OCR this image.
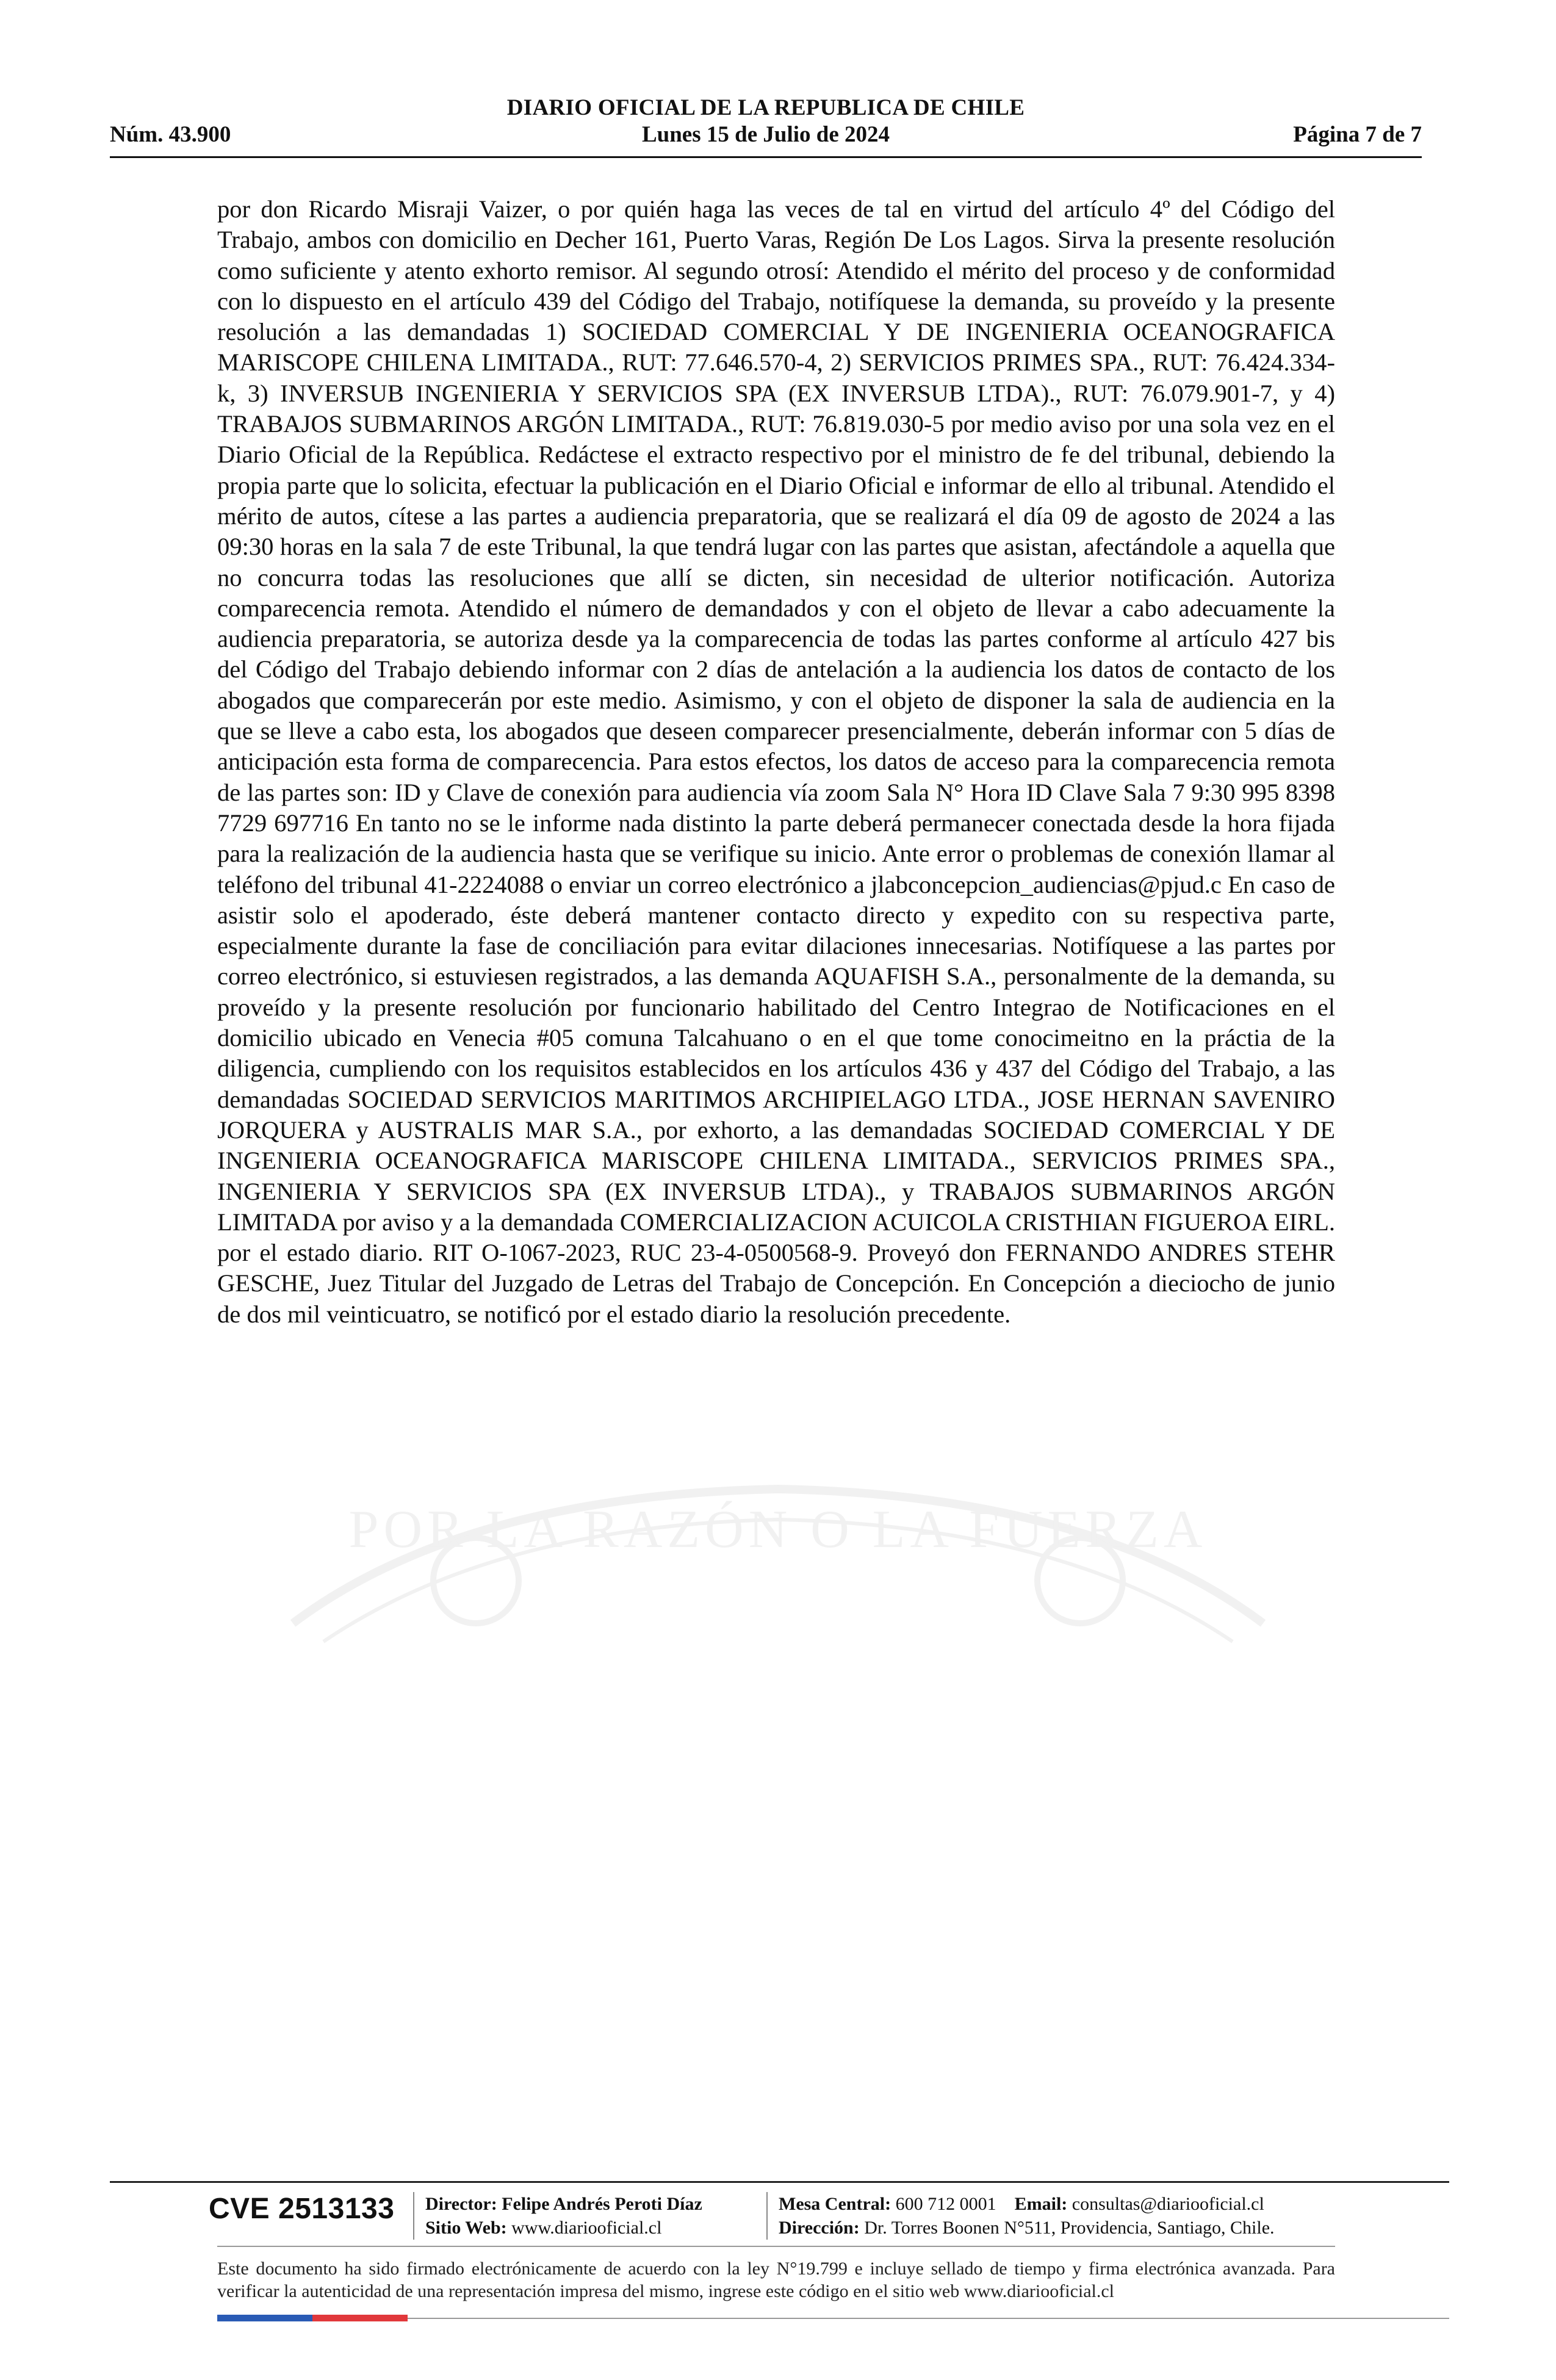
DIARIO OFICIAL DE LA REPUBLICA DE CHILE
Núm. 43.900	Lunes 15 de Julio de 2024	Página 7 de 7
POR LA RAZÓN O LA FUERZA
por don Ricardo Misraji Vaizer, o por quién haga las veces de tal en virtud del artículo 4º del Código del Trabajo, ambos con domicilio en Decher 161, Puerto Varas, Región De Los Lagos. Sirva la presente resolución como suficiente y atento exhorto remisor. Al segundo otrosí: Atendido el mérito del proceso y de conformidad con lo dispuesto en el artículo 439 del Código del Trabajo, notifíquese la demanda, su proveído y la presente resolución a las demandadas 1) SOCIEDAD COMERCIAL Y DE INGENIERIA OCEANOGRAFICA MARISCOPE CHILENA LIMITADA., RUT: 77.646.570-4, 2) SERVICIOS PRIMES SPA., RUT: 76.424.334-k, 3) INVERSUB INGENIERIA Y SERVICIOS SPA (EX INVERSUB LTDA)., RUT: 76.079.901-7, y 4) TRABAJOS SUBMARINOS ARGÓN LIMITADA., RUT: 76.819.030-5 por medio aviso por una sola vez en el Diario Oficial de la República. Redáctese el extracto respectivo por el ministro de fe del tribunal, debiendo la propia parte que lo solicita, efectuar la publicación en el Diario Oficial e informar de ello al tribunal. Atendido el mérito de autos, cítese a las partes a audiencia preparatoria, que se realizará el día 09 de agosto de 2024 a las 09:30 horas en la sala 7 de este Tribunal, la que tendrá lugar con las partes que asistan, afectándole a aquella que no concurra todas las resoluciones que allí se dicten, sin necesidad de ulterior notificación. Autoriza comparecencia remota. Atendido el número de demandados y con el objeto de llevar a cabo adecuamente la audiencia preparatoria, se autoriza desde ya la comparecencia de todas las partes conforme al artículo 427 bis del Código del Trabajo debiendo informar con 2 días de antelación a la audiencia los datos de contacto de los abogados que comparecerán por este medio. Asimismo, y con el objeto de disponer la sala de audiencia en la que se lleve a cabo esta, los abogados que deseen comparecer presencialmente, deberán informar con 5 días de anticipación esta forma de comparecencia. Para estos efectos, los datos de acceso para la comparecencia remota de las partes son: ID y Clave de conexión para audiencia vía zoom Sala N° Hora ID Clave Sala 7 9:30 995 8398 7729 697716 En tanto no se le informe nada distinto la parte deberá permanecer conectada desde la hora fijada para la realización de la audiencia hasta que se verifique su inicio. Ante error o problemas de conexión llamar al teléfono del tribunal 41-2224088 o enviar un correo electrónico a jlabconcepcion_audiencias@pjud.c En caso de asistir solo el apoderado, éste deberá mantener contacto directo y expedito con su respectiva parte, especialmente durante la fase de conciliación para evitar dilaciones innecesarias. Notifíquese a las partes por correo electrónico, si estuviesen registrados, a las demanda AQUAFISH S.A., personalmente de la demanda, su proveído y la presente resolución por funcionario habilitado del Centro Integrao de Notificaciones en el domicilio ubicado en Venecia #05 comuna Talcahuano o en el que tome conocimeitno en la práctia de la diligencia, cumpliendo con los requisitos establecidos en los artículos 436 y 437 del Código del Trabajo, a las demandadas SOCIEDAD SERVICIOS MARITIMOS ARCHIPIELAGO LTDA., JOSE HERNAN SAVENIRO JORQUERA y AUSTRALIS MAR S.A., por exhorto, a las demandadas SOCIEDAD COMERCIAL Y DE INGENIERIA OCEANOGRAFICA MARISCOPE CHILENA LIMITADA., SERVICIOS PRIMES SPA., INGENIERIA Y SERVICIOS SPA (EX INVERSUB LTDA)., y TRABAJOS SUBMARINOS ARGÓN LIMITADA por aviso y a la demandada COMERCIALIZACION ACUICOLA CRISTHIAN FIGUEROA EIRL. por el estado diario. RIT O-1067-2023, RUC 23-4-0500568-9. Proveyó don FERNANDO ANDRES STEHR GESCHE, Juez Titular del Juzgado de Letras del Trabajo de Concepción. En Concepción a dieciocho de junio de dos mil veinticuatro, se notificó por el estado diario la resolución precedente.
CVE 2513133 Director: Felipe Andrés Peroti Díaz
Sitio Web: www.diariooficial.cl
Mesa Central: 600 712 0001 Email: consultas@diariooficial.cl
Dirección: Dr. Torres Boonen N°511, Providencia, Santiago, Chile.
Este documento ha sido firmado electrónicamente de acuerdo con la ley N°19.799 e incluye sellado de tiempo y firma electrónica avanzada. Para verificar la autenticidad de una representación impresa del mismo, ingrese este código en el sitio web www.diariooficial.cl
